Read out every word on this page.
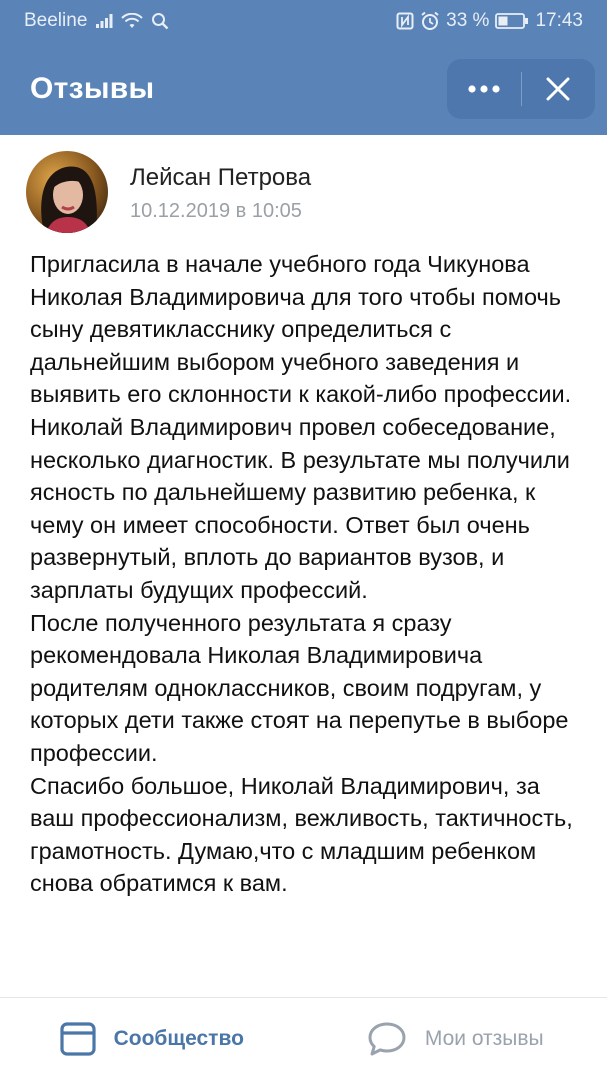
Beeline	33 % 17:43
Отзывы
Лейсан Петрова
10.12.2019 в 10:05

Пригласила в начале учебного года Чикунова Николая Владимировича для того чтобы помочь сыну девятикласснику определиться с дальнейшим выбором учебного заведения и выявить его склонности к какой-либо профессии. Николай Владимирович провел собеседование, несколько диагностик. В результате мы получили ясность по дальнейшему развитию ребенка, к чему он имеет способности. Ответ был очень развернутый, вплоть до вариантов вузов, и зарплаты будущих профессий.

После полученного результата я сразу рекомендовала Николая Владимировича родителям одноклассников, своим подругам, у которых дети также стоят на перепутье в выборе профессии.

Спасибо большое, Николай Владимирович, за ваш профессионализм, вежливость, тактичность, грамотность. Думаю,что с младшим ребенком снова обратимся к вам.

Сообщество	Мои отзывы
